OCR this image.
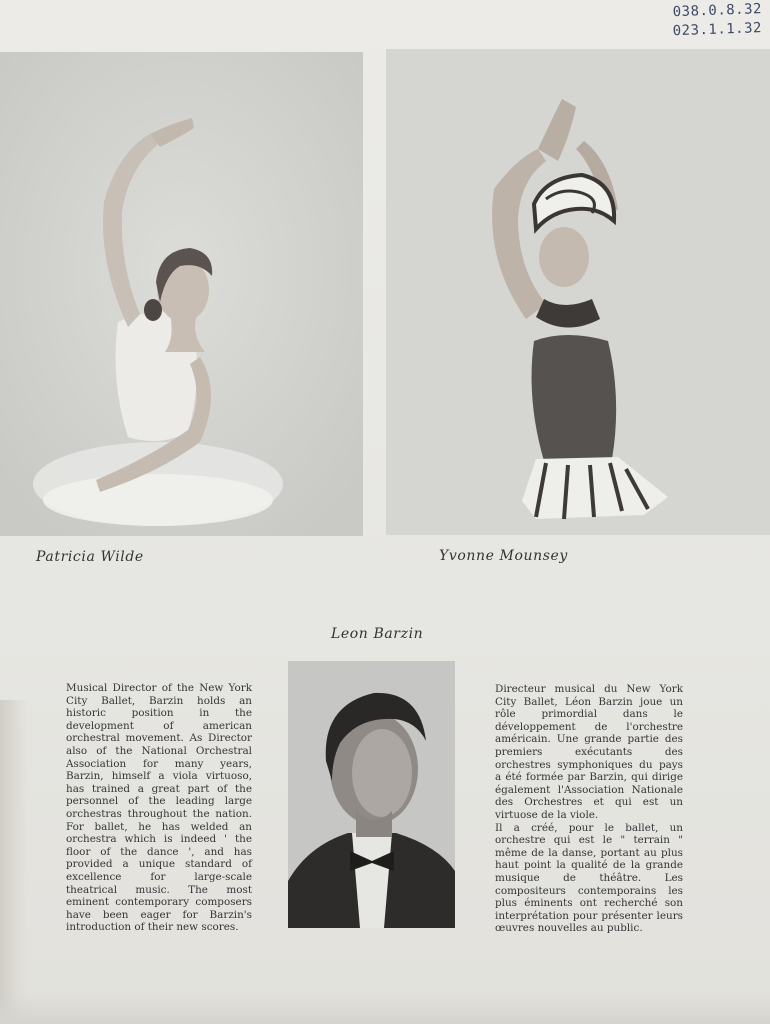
038.0.8.32
023.1.1.32
Patricia Wilde	Yvonne Mounsey
Leon Barzin

Musical Director of the New York City Ballet, Barzin holds an historic position in the development of american orchestral movement. As Director also of the National Orchestral Association for many years, Barzin, himself a viola virtuoso, has trained a great part of the personnel of the leading large orchestras throughout the nation. For ballet, he has welded an orchestra which is indeed ' the floor of the dance ', and has provided a unique standard of excellence for large-scale theatrical music. The most eminent contemporary composers have been eager for Barzin's introduction of their new scores.

Directeur musical du New York City Ballet, Léon Barzin joue un rôle primordial dans le développement de l'orchestre américain. Une grande partie des premiers exécutants des orchestres symphoniques du pays a été formée par Barzin, qui dirige également l'Association Nationale des Orchestres et qui est un virtuose de la viole.

Il a créé, pour le ballet, un orchestre qui est le " terrain " même de la danse, portant au plus haut point la qualité de la grande musique de théâtre. Les compositeurs contemporains les plus éminents ont recherché son interprétation pour présenter leurs œuvres nouvelles au public.
